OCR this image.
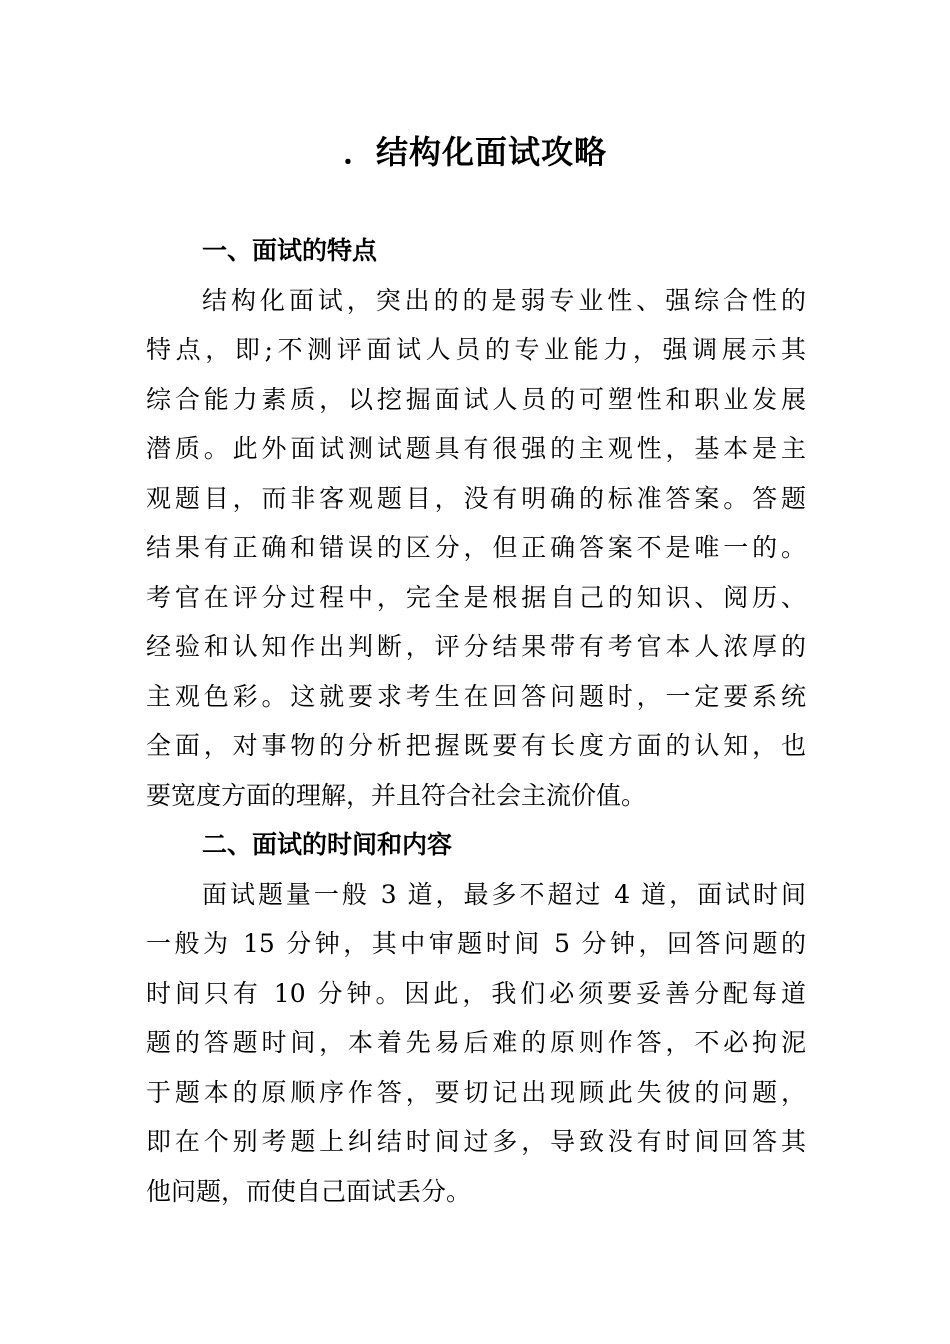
．结构化面试攻略
一、面试的特点

结构化面试，突出的的是弱专业性、强综合性的
特点，即;不测评面试人员的专业能力，强调展示其
综合能力素质，以挖掘面试人员的可塑性和职业发展
潜质。此外面试测试题具有很强的主观性，基本是主
观题目，而非客观题目，没有明确的标准答案。答题
结果有正确和错误的区分，但正确答案不是唯一的。
考官在评分过程中，完全是根据自己的知识、阅历、
经验和认知作出判断，评分结果带有考官本人浓厚的
主观色彩。这就要求考生在回答问题时，一定要系统
全面，对事物的分析把握既要有长度方面的认知，也
要宽度方面的理解，并且符合社会主流价值。

二、面试的时间和内容

面试题量一般 3 道，最多不超过 4 道，面试时间
一般为 15 分钟，其中审题时间 5 分钟，回答问题的
时间只有 10 分钟。因此，我们必须要妥善分配每道
题的答题时间，本着先易后难的原则作答，不必拘泥
于题本的原顺序作答，要切记出现顾此失彼的问题，
即在个别考题上纠结时间过多，导致没有时间回答其
他问题，而使自己面试丢分。
